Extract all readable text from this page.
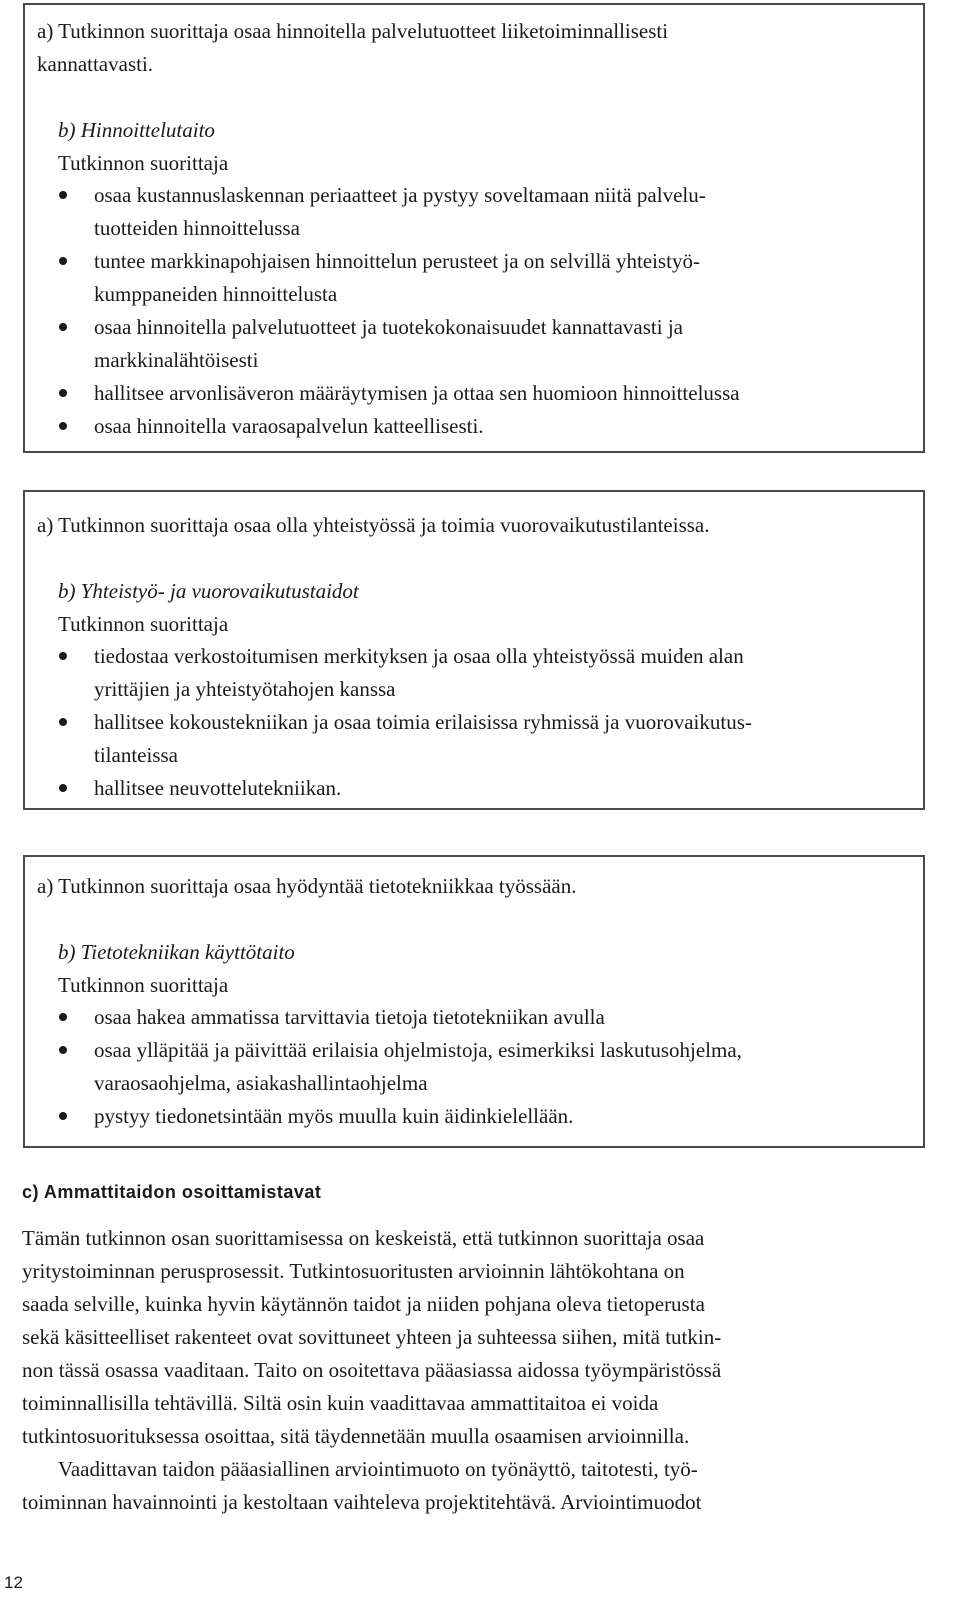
a) Tutkinnon suorittaja osaa hinnoitella palvelutuotteet liiketoiminnallisesti
kannattavasti.
b) Hinnoittelutaito
Tutkinnon suorittaja
osaa kustannuslaskennan periaatteet ja pystyy soveltamaan niitä palvelu-
tuotteiden hinnoittelussa
tuntee markkinapohjaisen hinnoittelun perusteet ja on selvillä yhteistyö-
kumppaneiden hinnoittelusta
osaa hinnoitella palvelutuotteet ja tuotekokonaisuudet kannattavasti ja
markkinalähtöisesti
hallitsee arvonlisäveron määräytymisen ja ottaa sen huomioon hinnoittelussa
osaa hinnoitella varaosapalvelun katteellisesti.
a) Tutkinnon suorittaja osaa olla yhteistyössä ja toimia vuorovaikutustilanteissa.
b) Yhteistyö- ja vuorovaikutustaidot
Tutkinnon suorittaja
tiedostaa verkostoitumisen merkityksen ja osaa olla yhteistyössä muiden alan
yrittäjien ja yhteistyötahojen kanssa
hallitsee kokoustekniikan ja osaa toimia erilaisissa ryhmissä ja vuorovaikutus-
tilanteissa
hallitsee neuvottelutekniikan.
a) Tutkinnon suorittaja osaa hyödyntää tietotekniikkaa työssään.
b) Tietotekniikan käyttötaito
Tutkinnon suorittaja
osaa hakea ammatissa tarvittavia tietoja tietotekniikan avulla
osaa ylläpitää ja päivittää erilaisia ohjelmistoja, esimerkiksi laskutusohjelma,
varaosaohjelma, asiakashallintaohjelma
pystyy tiedonetsintään myös muulla kuin äidinkielellään.
c) Ammattitaidon osoittamistavat
Tämän tutkinnon osan suorittamisessa on keskeistä, että tutkinnon suorittaja osaa
yritystoiminnan perusprosessit. Tutkintosuoritusten arvioinnin lähtökohtana on
saada selville, kuinka hyvin käytännön taidot ja niiden pohjana oleva tietoperusta
sekä käsitteelliset rakenteet ovat sovittuneet yhteen ja suhteessa siihen, mitä tutkin-
non tässä osassa vaaditaan. Taito on osoitettava pääasiassa aidossa työympäristössä
toiminnallisilla tehtävillä. Siltä osin kuin vaadittavaa ammattitaitoa ei voida
tutkintosuorituksessa osoittaa, sitä täydennetään muulla osaamisen arvioinnilla.
Vaadittavan taidon pääasiallinen arviointimuoto on työnäyttö, taitotesti, työ-
toiminnan havainnointi ja kestoltaan vaihteleva projektitehtävä. Arviointimuodot
12
